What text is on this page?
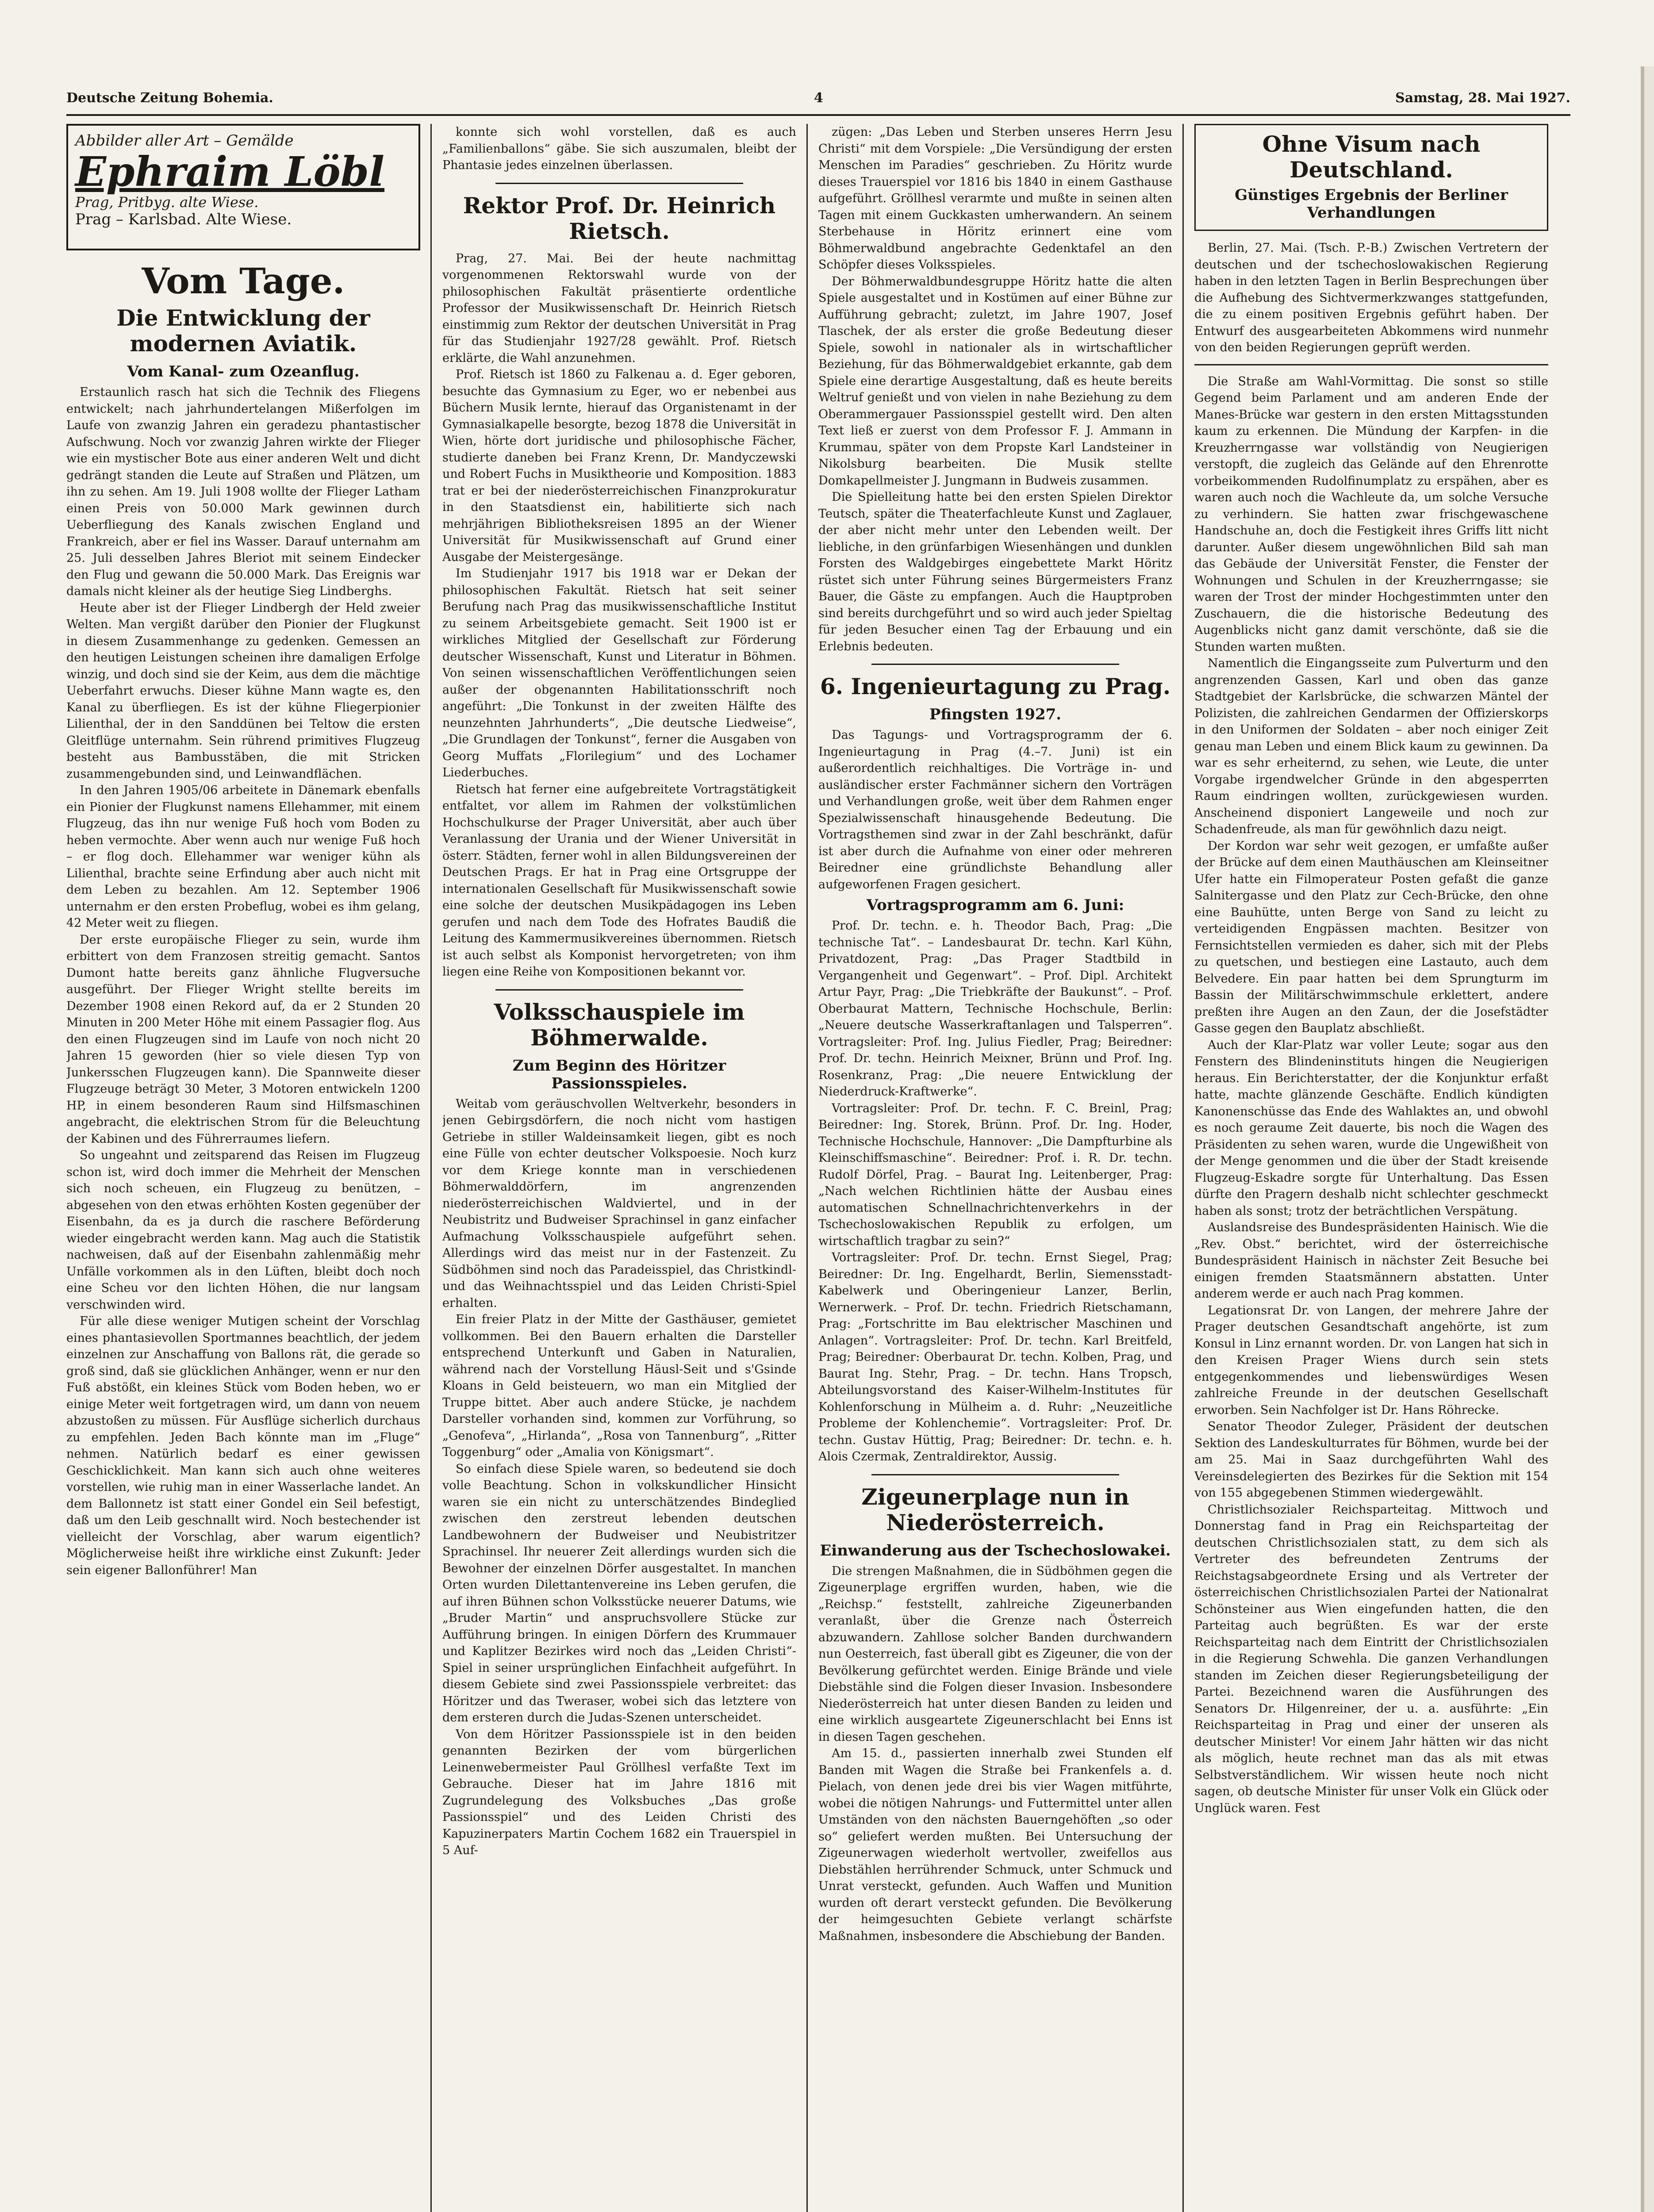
Deutsche Zeitung Bohemia.	4	Samstag, 28. Mai 1927.
Abbilder aller Art – Gemälde
Ephraim Löbl
Prag, Pritbyg. alte Wiese.
Prag – Karlsbad. Alte Wiese.
Vom Tage.
Die Entwicklung der modernen Aviatik.
Vom Kanal- zum Ozeanflug.

Erstaunlich rasch hat sich die Technik des Fliegens entwickelt; nach jahrhundertelangen Mißerfolgen im Laufe von zwanzig Jahren ein geradezu phantastischer Aufschwung. Noch vor zwanzig Jahren wirkte der Flieger wie ein mystischer Bote aus einer anderen Welt und dicht gedrängt standen die Leute auf Straßen und Plätzen, um ihn zu sehen. Am 19. Juli 1908 wollte der Flieger Latham einen Preis von 50.000 Mark gewinnen durch Ueberfliegung des Kanals zwischen England und Frankreich, aber er fiel ins Wasser. Darauf unternahm am 25. Juli desselben Jahres Bleriot mit seinem Eindecker den Flug und gewann die 50.000 Mark. Das Ereignis war damals nicht kleiner als der heutige Sieg Lindberghs.

Heute aber ist der Flieger Lindbergh der Held zweier Welten. Man vergißt darüber den Pionier der Flugkunst in diesem Zusammenhange zu gedenken. Gemessen an den heutigen Leistungen scheinen ihre damaligen Erfolge winzig, und doch sind sie der Keim, aus dem die mächtige Ueberfahrt erwuchs. Dieser kühne Mann wagte es, den Kanal zu überfliegen. Es ist der kühne Fliegerpionier Lilienthal, der in den Sanddünen bei Teltow die ersten Gleitflüge unternahm. Sein rührend primitives Flugzeug besteht aus Bambusstäben, die mit Stricken zusammengebunden sind, und Leinwandflächen.

In den Jahren 1905/06 arbeitete in Dänemark ebenfalls ein Pionier der Flugkunst namens Ellehammer, mit einem Flugzeug, das ihn nur wenige Fuß hoch vom Boden zu heben vermochte. Aber wenn auch nur wenige Fuß hoch – er flog doch. Ellehammer war weniger kühn als Lilienthal, brachte seine Erfindung aber auch nicht mit dem Leben zu bezahlen. Am 12. September 1906 unternahm er den ersten Probeflug, wobei es ihm gelang, 42 Meter weit zu fliegen.

Der erste europäische Flieger zu sein, wurde ihm erbittert von dem Franzosen streitig gemacht. Santos Dumont hatte bereits ganz ähnliche Flugversuche ausgeführt. Der Flieger Wright stellte bereits im Dezember 1908 einen Rekord auf, da er 2 Stunden 20 Minuten in 200 Meter Höhe mit einem Passagier flog. Aus den einen Flugzeugen sind im Laufe von noch nicht 20 Jahren 15 geworden (hier so viele diesen Typ von Junkersschen Flugzeugen kann). Die Spannweite dieser Flugzeuge beträgt 30 Meter, 3 Motoren entwickeln 1200 HP, in einem besonderen Raum sind Hilfsmaschinen angebracht, die elektrischen Strom für die Beleuchtung der Kabinen und des Führerraumes liefern.

So ungeahnt und zeitsparend das Reisen im Flugzeug schon ist, wird doch immer die Mehrheit der Menschen sich noch scheuen, ein Flugzeug zu benützen, – abgesehen von den etwas erhöhten Kosten gegenüber der Eisenbahn, da es ja durch die raschere Beförderung wieder eingebracht werden kann. Mag auch die Statistik nachweisen, daß auf der Eisenbahn zahlenmäßig mehr Unfälle vorkommen als in den Lüften, bleibt doch noch eine Scheu vor den lichten Höhen, die nur langsam verschwinden wird.

Für alle diese weniger Mutigen scheint der Vorschlag eines phantasievollen Sportmannes beachtlich, der jedem einzelnen zur Anschaffung von Ballons rät, die gerade so groß sind, daß sie glücklichen Anhänger, wenn er nur den Fuß abstößt, ein kleines Stück vom Boden heben, wo er einige Meter weit fortgetragen wird, um dann von neuem abzustoßen zu müssen. Für Ausflüge sicherlich durchaus zu empfehlen. Jeden Bach könnte man im „Fluge“ nehmen. Natürlich bedarf es einer gewissen Geschicklichkeit. Man kann sich auch ohne weiteres vorstellen, wie ruhig man in einer Wasserlache landet. An dem Ballonnetz ist statt einer Gondel ein Seil befestigt, daß um den Leib geschnallt wird. Noch bestechender ist vielleicht der Vorschlag, aber warum eigentlich? Möglicherweise heißt ihre wirkliche einst Zukunft: Jeder sein eigener Ballonführer! Man

konnte sich wohl vorstellen, daß es auch „Familienballons“ gäbe. Sie sich auszumalen, bleibt der Phantasie jedes einzelnen überlassen.

Rektor Prof. Dr. Heinrich Rietsch.

Prag, 27. Mai. Bei der heute nachmittag vorgenommenen Rektorswahl wurde von der philosophischen Fakultät präsentierte ordentliche Professor der Musikwissenschaft Dr. Heinrich Rietsch einstimmig zum Rektor der deutschen Universität in Prag für das Studienjahr 1927/28 gewählt. Prof. Rietsch erklärte, die Wahl anzunehmen.

Prof. Rietsch ist 1860 zu Falkenau a. d. Eger geboren, besuchte das Gymnasium zu Eger, wo er nebenbei aus Büchern Musik lernte, hierauf das Organistenamt in der Gymnasialkapelle besorgte, bezog 1878 die Universität in Wien, hörte dort juridische und philosophische Fächer, studierte daneben bei Franz Krenn, Dr. Mandyczewski und Robert Fuchs in Musiktheorie und Komposition. 1883 trat er bei der niederösterreichischen Finanzprokuratur in den Staatsdienst ein, habilitierte sich nach mehrjährigen Bibliotheksreisen 1895 an der Wiener Universität für Musikwissenschaft auf Grund einer Ausgabe der Meistergesänge.

Im Studienjahr 1917 bis 1918 war er Dekan der philosophischen Fakultät. Rietsch hat seit seiner Berufung nach Prag das musikwissenschaftliche Institut zu seinem Arbeitsgebiete gemacht. Seit 1900 ist er wirkliches Mitglied der Gesellschaft zur Förderung deutscher Wissenschaft, Kunst und Literatur in Böhmen. Von seinen wissenschaftlichen Veröffentlichungen seien außer der obgenannten Habilitationsschrift noch angeführt: „Die Tonkunst in der zweiten Hälfte des neunzehnten Jahrhunderts“, „Die deutsche Liedweise“, „Die Grundlagen der Tonkunst“, ferner die Ausgaben von Georg Muffats „Florilegium“ und des Lochamer Liederbuches.

Rietsch hat ferner eine aufgebreitete Vortragstätigkeit entfaltet, vor allem im Rahmen der volkstümlichen Hochschulkurse der Prager Universität, aber auch über Veranlassung der Urania und der Wiener Universität in österr. Städten, ferner wohl in allen Bildungsvereinen der Deutschen Prags. Er hat in Prag eine Ortsgruppe der internationalen Gesellschaft für Musikwissenschaft sowie eine solche der deutschen Musikpädagogen ins Leben gerufen und nach dem Tode des Hofrates Baudiß die Leitung des Kammermusikvereines übernommen. Rietsch ist auch selbst als Komponist hervorgetreten; von ihm liegen eine Reihe von Kompositionen bekannt vor.

Volksschauspiele im Böhmerwalde.
Zum Beginn des Höritzer Passionsspieles.

Weitab vom geräuschvollen Weltverkehr, besonders in jenen Gebirgsdörfern, die noch nicht vom hastigen Getriebe in stiller Waldeinsamkeit liegen, gibt es noch eine Fülle von echter deutscher Volkspoesie. Noch kurz vor dem Kriege konnte man in verschiedenen Böhmerwalddörfern, im angrenzenden niederösterreichischen Waldviertel, und in der Neubistritz und Budweiser Sprachinsel in ganz einfacher Aufmachung Volksschauspiele aufgeführt sehen. Allerdings wird das meist nur in der Fastenzeit. Zu Südböhmen sind noch das Paradeisspiel, das Christkindl- und das Weihnachtsspiel und das Leiden Christi-Spiel erhalten.

Ein freier Platz in der Mitte der Gasthäuser, gemietet vollkommen. Bei den Bauern erhalten die Darsteller entsprechend Unterkunft und Gaben in Naturalien, während nach der Vorstellung Häusl-Seit und s'Gsinde Kloans in Geld beisteuern, wo man ein Mitglied der Truppe bittet. Aber auch andere Stücke, je nachdem Darsteller vorhanden sind, kommen zur Vorführung, so „Genofeva“, „Hirlanda“, „Rosa von Tannenburg“, „Ritter Toggenburg“ oder „Amalia von Königsmart“.

So einfach diese Spiele waren, so bedeutend sie doch volle Beachtung. Schon in volkskundlicher Hinsicht waren sie ein nicht zu unterschätzendes Bindeglied zwischen den zerstreut lebenden deutschen Landbewohnern der Budweiser und Neubistritzer Sprachinsel. Ihr neuerer Zeit allerdings wurden sich die Bewohner der einzelnen Dörfer ausgestaltet. In manchen Orten wurden Dilettantenvereine ins Leben gerufen, die auf ihren Bühnen schon Volksstücke neuerer Datums, wie „Bruder Martin“ und anspruchsvollere Stücke zur Aufführung bringen. In einigen Dörfern des Krummauer und Kaplitzer Bezirkes wird noch das „Leiden Christi“-Spiel in seiner ursprünglichen Einfachheit aufgeführt. In diesem Gebiete sind zwei Passionsspiele verbreitet: das Höritzer und das Tweraser, wobei sich das letztere von dem ersteren durch die Judas-Szenen unterscheidet.

Von dem Höritzer Passionsspiele ist in den beiden genannten Bezirken der vom bürgerlichen Leinenwebermeister Paul Gröllhesl verfaßte Text im Gebrauche. Dieser hat im Jahre 1816 mit Zugrundelegung des Volksbuches „Das große Passionsspiel“ und des Leiden Christi des Kapuzinerpaters Martin Cochem 1682 ein Trauerspiel in 5 Auf-

zügen: „Das Leben und Sterben unseres Herrn Jesu Christi“ mit dem Vorspiele: „Die Versündigung der ersten Menschen im Paradies“ geschrieben. Zu Höritz wurde dieses Trauerspiel vor 1816 bis 1840 in einem Gasthause aufgeführt. Gröllhesl verarmte und mußte in seinen alten Tagen mit einem Guckkasten umherwandern. An seinem Sterbehause in Höritz erinnert eine vom Böhmerwaldbund angebrachte Gedenktafel an den Schöpfer dieses Volksspieles.

Der Böhmerwaldbundesgruppe Höritz hatte die alten Spiele ausgestaltet und in Kostümen auf einer Bühne zur Aufführung gebracht; zuletzt, im Jahre 1907, Josef Tlaschek, der als erster die große Bedeutung dieser Spiele, sowohl in nationaler als in wirtschaftlicher Beziehung, für das Böhmerwaldgebiet erkannte, gab dem Spiele eine derartige Ausgestaltung, daß es heute bereits Weltruf genießt und von vielen in nahe Beziehung zu dem Oberammergauer Passionsspiel gestellt wird. Den alten Text ließ er zuerst von dem Professor F. J. Ammann in Krummau, später von dem Propste Karl Landsteiner in Nikolsburg bearbeiten. Die Musik stellte Domkapellmeister J. Jungmann in Budweis zusammen.

Die Spielleitung hatte bei den ersten Spielen Direktor Teutsch, später die Theaterfachleute Kunst und Zaglauer, der aber nicht mehr unter den Lebenden weilt. Der liebliche, in den grünfarbigen Wiesenhängen und dunklen Forsten des Waldgebirges eingebettete Markt Höritz rüstet sich unter Führung seines Bürgermeisters Franz Bauer, die Gäste zu empfangen. Auch die Hauptproben sind bereits durchgeführt und so wird auch jeder Spieltag für jeden Besucher einen Tag der Erbauung und ein Erlebnis bedeuten.

6. Ingenieurtagung zu Prag.
Pfingsten 1927.

Das Tagungs- und Vortragsprogramm der 6. Ingenieurtagung in Prag (4.–7. Juni) ist ein außerordentlich reichhaltiges. Die Vorträge in- und ausländischer erster Fachmänner sichern den Vorträgen und Verhandlungen große, weit über dem Rahmen enger Spezialwissenschaft hinausgehende Bedeutung. Die Vortragsthemen sind zwar in der Zahl beschränkt, dafür ist aber durch die Aufnahme von einer oder mehreren Beiredner eine gründlichste Behandlung aller aufgeworfenen Fragen gesichert.

Vortragsprogramm am 6. Juni:

Prof. Dr. techn. e. h. Theodor Bach, Prag: „Die technische Tat“. – Landesbaurat Dr. techn. Karl Kühn, Privatdozent, Prag: „Das Prager Stadtbild in Vergangenheit und Gegenwart“. – Prof. Dipl. Architekt Artur Payr, Prag: „Die Triebkräfte der Baukunst“. – Prof. Oberbaurat Mattern, Technische Hochschule, Berlin: „Neuere deutsche Wasserkraftanlagen und Talsperren“. Vortragsleiter: Prof. Ing. Julius Fiedler, Prag; Beiredner: Prof. Dr. techn. Heinrich Meixner, Brünn und Prof. Ing. Rosenkranz, Prag: „Die neuere Entwicklung der Niederdruck-Kraftwerke“.

Vortragsleiter: Prof. Dr. techn. F. C. Breinl, Prag; Beiredner: Ing. Storek, Brünn. Prof. Dr. Ing. Hoder, Technische Hochschule, Hannover: „Die Dampfturbine als Kleinschiffsmaschine“. Beiredner: Prof. i. R. Dr. techn. Rudolf Dörfel, Prag. – Baurat Ing. Leitenberger, Prag: „Nach welchen Richtlinien hätte der Ausbau eines automatischen Schnellnachrichtenverkehrs in der Tschechoslowakischen Republik zu erfolgen, um wirtschaftlich tragbar zu sein?“

Vortragsleiter: Prof. Dr. techn. Ernst Siegel, Prag; Beiredner: Dr. Ing. Engelhardt, Berlin, Siemensstadt-Kabelwerk und Oberingenieur Lanzer, Berlin, Wernerwerk. – Prof. Dr. techn. Friedrich Rietschamann, Prag: „Fortschritte im Bau elektrischer Maschinen und Anlagen“. Vortragsleiter: Prof. Dr. techn. Karl Breitfeld, Prag; Beiredner: Oberbaurat Dr. techn. Kolben, Prag, und Baurat Ing. Stehr, Prag. – Dr. techn. Hans Tropsch, Abteilungsvorstand des Kaiser-Wilhelm-Institutes für Kohlenforschung in Mülheim a. d. Ruhr: „Neuzeitliche Probleme der Kohlenchemie“. Vortragsleiter: Prof. Dr. techn. Gustav Hüttig, Prag; Beiredner: Dr. techn. e. h. Alois Czermak, Zentraldirektor, Aussig.

Zigeunerplage nun in Niederösterreich.
Einwanderung aus der Tschechoslowakei.

Die strengen Maßnahmen, die in Südböhmen gegen die Zigeunerplage ergriffen wurden, haben, wie die „Reichsp.“ feststellt, zahlreiche Zigeunerbanden veranlaßt, über die Grenze nach Österreich abzuwandern. Zahllose solcher Banden durchwandern nun Oesterreich, fast überall gibt es Zigeuner, die von der Bevölkerung gefürchtet werden. Einige Brände und viele Diebstähle sind die Folgen dieser Invasion. Insbesondere Niederösterreich hat unter diesen Banden zu leiden und eine wirklich ausgeartete Zigeunerschlacht bei Enns ist in diesen Tagen geschehen.

Am 15. d., passierten innerhalb zwei Stunden elf Banden mit Wagen die Straße bei Frankenfels a. d. Pielach, von denen jede drei bis vier Wagen mitführte, wobei die nötigen Nahrungs- und Futtermittel unter allen Umständen von den nächsten Bauerngehöften „so oder so“ geliefert werden mußten. Bei Untersuchung der Zigeunerwagen wiederholt wertvoller, zweifellos aus Diebstählen herrührender Schmuck, unter Schmuck und Unrat versteckt, gefunden. Auch Waffen und Munition wurden oft derart versteckt gefunden. Die Bevölkerung der heimgesuchten Gebiete verlangt schärfste Maßnahmen, insbesondere die Abschiebung der Banden.

Ohne Visum nach Deutschland.
Günstiges Ergebnis der Berliner Verhandlungen

Berlin, 27. Mai. (Tsch. P.-B.) Zwischen Vertretern der deutschen und der tschechoslowakischen Regierung haben in den letzten Tagen in Berlin Besprechungen über die Aufhebung des Sichtvermerkzwanges stattgefunden, die zu einem positiven Ergebnis geführt haben. Der Entwurf des ausgearbeiteten Abkommens wird nunmehr von den beiden Regierungen geprüft werden.

Die Straße am Wahl-Vormittag. Die sonst so stille Gegend beim Parlament und am anderen Ende der Manes-Brücke war gestern in den ersten Mittagsstunden kaum zu erkennen. Die Mündung der Karpfen- in die Kreuzherrngasse war vollständig von Neugierigen verstopft, die zugleich das Gelände auf den Ehrenrotte vorbeikommenden Rudolfinumplatz zu erspähen, aber es waren auch noch die Wachleute da, um solche Versuche zu verhindern. Sie hatten zwar frischgewaschene Handschuhe an, doch die Festigkeit ihres Griffs litt nicht darunter. Außer diesem ungewöhnlichen Bild sah man das Gebäude der Universität Fenster, die Fenster der Wohnungen und Schulen in der Kreuzherrngasse; sie waren der Trost der minder Hochgestimmten unter den Zuschauern, die die historische Bedeutung des Augenblicks nicht ganz damit verschönte, daß sie die Stunden warten mußten.

Namentlich die Eingangsseite zum Pulverturm und den angrenzenden Gassen, Karl und oben das ganze Stadtgebiet der Karlsbrücke, die schwarzen Mäntel der Polizisten, die zahlreichen Gendarmen der Offizierskorps in den Uniformen der Soldaten – aber noch einiger Zeit genau man Leben und einem Blick kaum zu gewinnen. Da war es sehr erheiternd, zu sehen, wie Leute, die unter Vorgabe irgendwelcher Gründe in den abgesperrten Raum eindringen wollten, zurückgewiesen wurden. Anscheinend disponiert Langeweile und noch zur Schadenfreude, als man für gewöhnlich dazu neigt.

Der Kordon war sehr weit gezogen, er umfaßte außer der Brücke auf dem einen Mauthäuschen am Kleinseitner Ufer hatte ein Filmoperateur Posten gefaßt die ganze Salnitergasse und den Platz zur Cech-Brücke, den ohne eine Bauhütte, unten Berge von Sand zu leicht zu verteidigenden Engpässen machten. Besitzer von Fernsichtstellen vermieden es daher, sich mit der Plebs zu quetschen, und bestiegen eine Lastauto, auch dem Belvedere. Ein paar hatten bei dem Sprungturm im Bassin der Militärschwimmschule erklettert, andere preßten ihre Augen an den Zaun, der die Josefstädter Gasse gegen den Bauplatz abschließt.

Auch der Klar-Platz war voller Leute; sogar aus den Fenstern des Blindeninstituts hingen die Neugierigen heraus. Ein Berichterstatter, der die Konjunktur erfaßt hatte, machte glänzende Geschäfte. Endlich kündigten Kanonenschüsse das Ende des Wahlaktes an, und obwohl es noch geraume Zeit dauerte, bis noch die Wagen des Präsidenten zu sehen waren, wurde die Ungewißheit von der Menge genommen und die über der Stadt kreisende Flugzeug-Eskadre sorgte für Unterhaltung. Das Essen dürfte den Pragern deshalb nicht schlechter geschmeckt haben als sonst; trotz der beträchtlichen Verspätung.

Auslandsreise des Bundespräsidenten Hainisch. Wie die „Rev. Obst.“ berichtet, wird der österreichische Bundespräsident Hainisch in nächster Zeit Besuche bei einigen fremden Staatsmännern abstatten. Unter anderem werde er auch nach Prag kommen.

Legationsrat Dr. von Langen, der mehrere Jahre der Prager deutschen Gesandtschaft angehörte, ist zum Konsul in Linz ernannt worden. Dr. von Langen hat sich in den Kreisen Prager Wiens durch sein stets entgegenkommendes und liebenswürdiges Wesen zahlreiche Freunde in der deutschen Gesellschaft erworben. Sein Nachfolger ist Dr. Hans Röhrecke.

Senator Theodor Zuleger, Präsident der deutschen Sektion des Landeskulturrates für Böhmen, wurde bei der am 25. Mai in Saaz durchgeführten Wahl des Vereinsdelegierten des Bezirkes für die Sektion mit 154 von 155 abgegebenen Stimmen wiedergewählt.

Christlichsozialer Reichsparteitag. Mittwoch und Donnerstag fand in Prag ein Reichsparteitag der deutschen Christlichsozialen statt, zu dem sich als Vertreter des befreundeten Zentrums der Reichstagsabgeordnete Ersing und als Vertreter der österreichischen Christlichsozialen Partei der Nationalrat Schönsteiner aus Wien eingefunden hatten, die den Parteitag auch begrüßten. Es war der erste Reichsparteitag nach dem Eintritt der Christlichsozialen in die Regierung Schwehla. Die ganzen Verhandlungen standen im Zeichen dieser Regierungsbeteiligung der Partei. Bezeichnend waren die Ausführungen des Senators Dr. Hilgenreiner, der u. a. ausführte: „Ein Reichsparteitag in Prag und einer der unseren als deutscher Minister! Vor einem Jahr hätten wir das nicht als möglich, heute rechnet man das als mit etwas Selbstverständlichem. Wir wissen heute noch nicht sagen, ob deutsche Minister für unser Volk ein Glück oder Unglück waren. Fest
